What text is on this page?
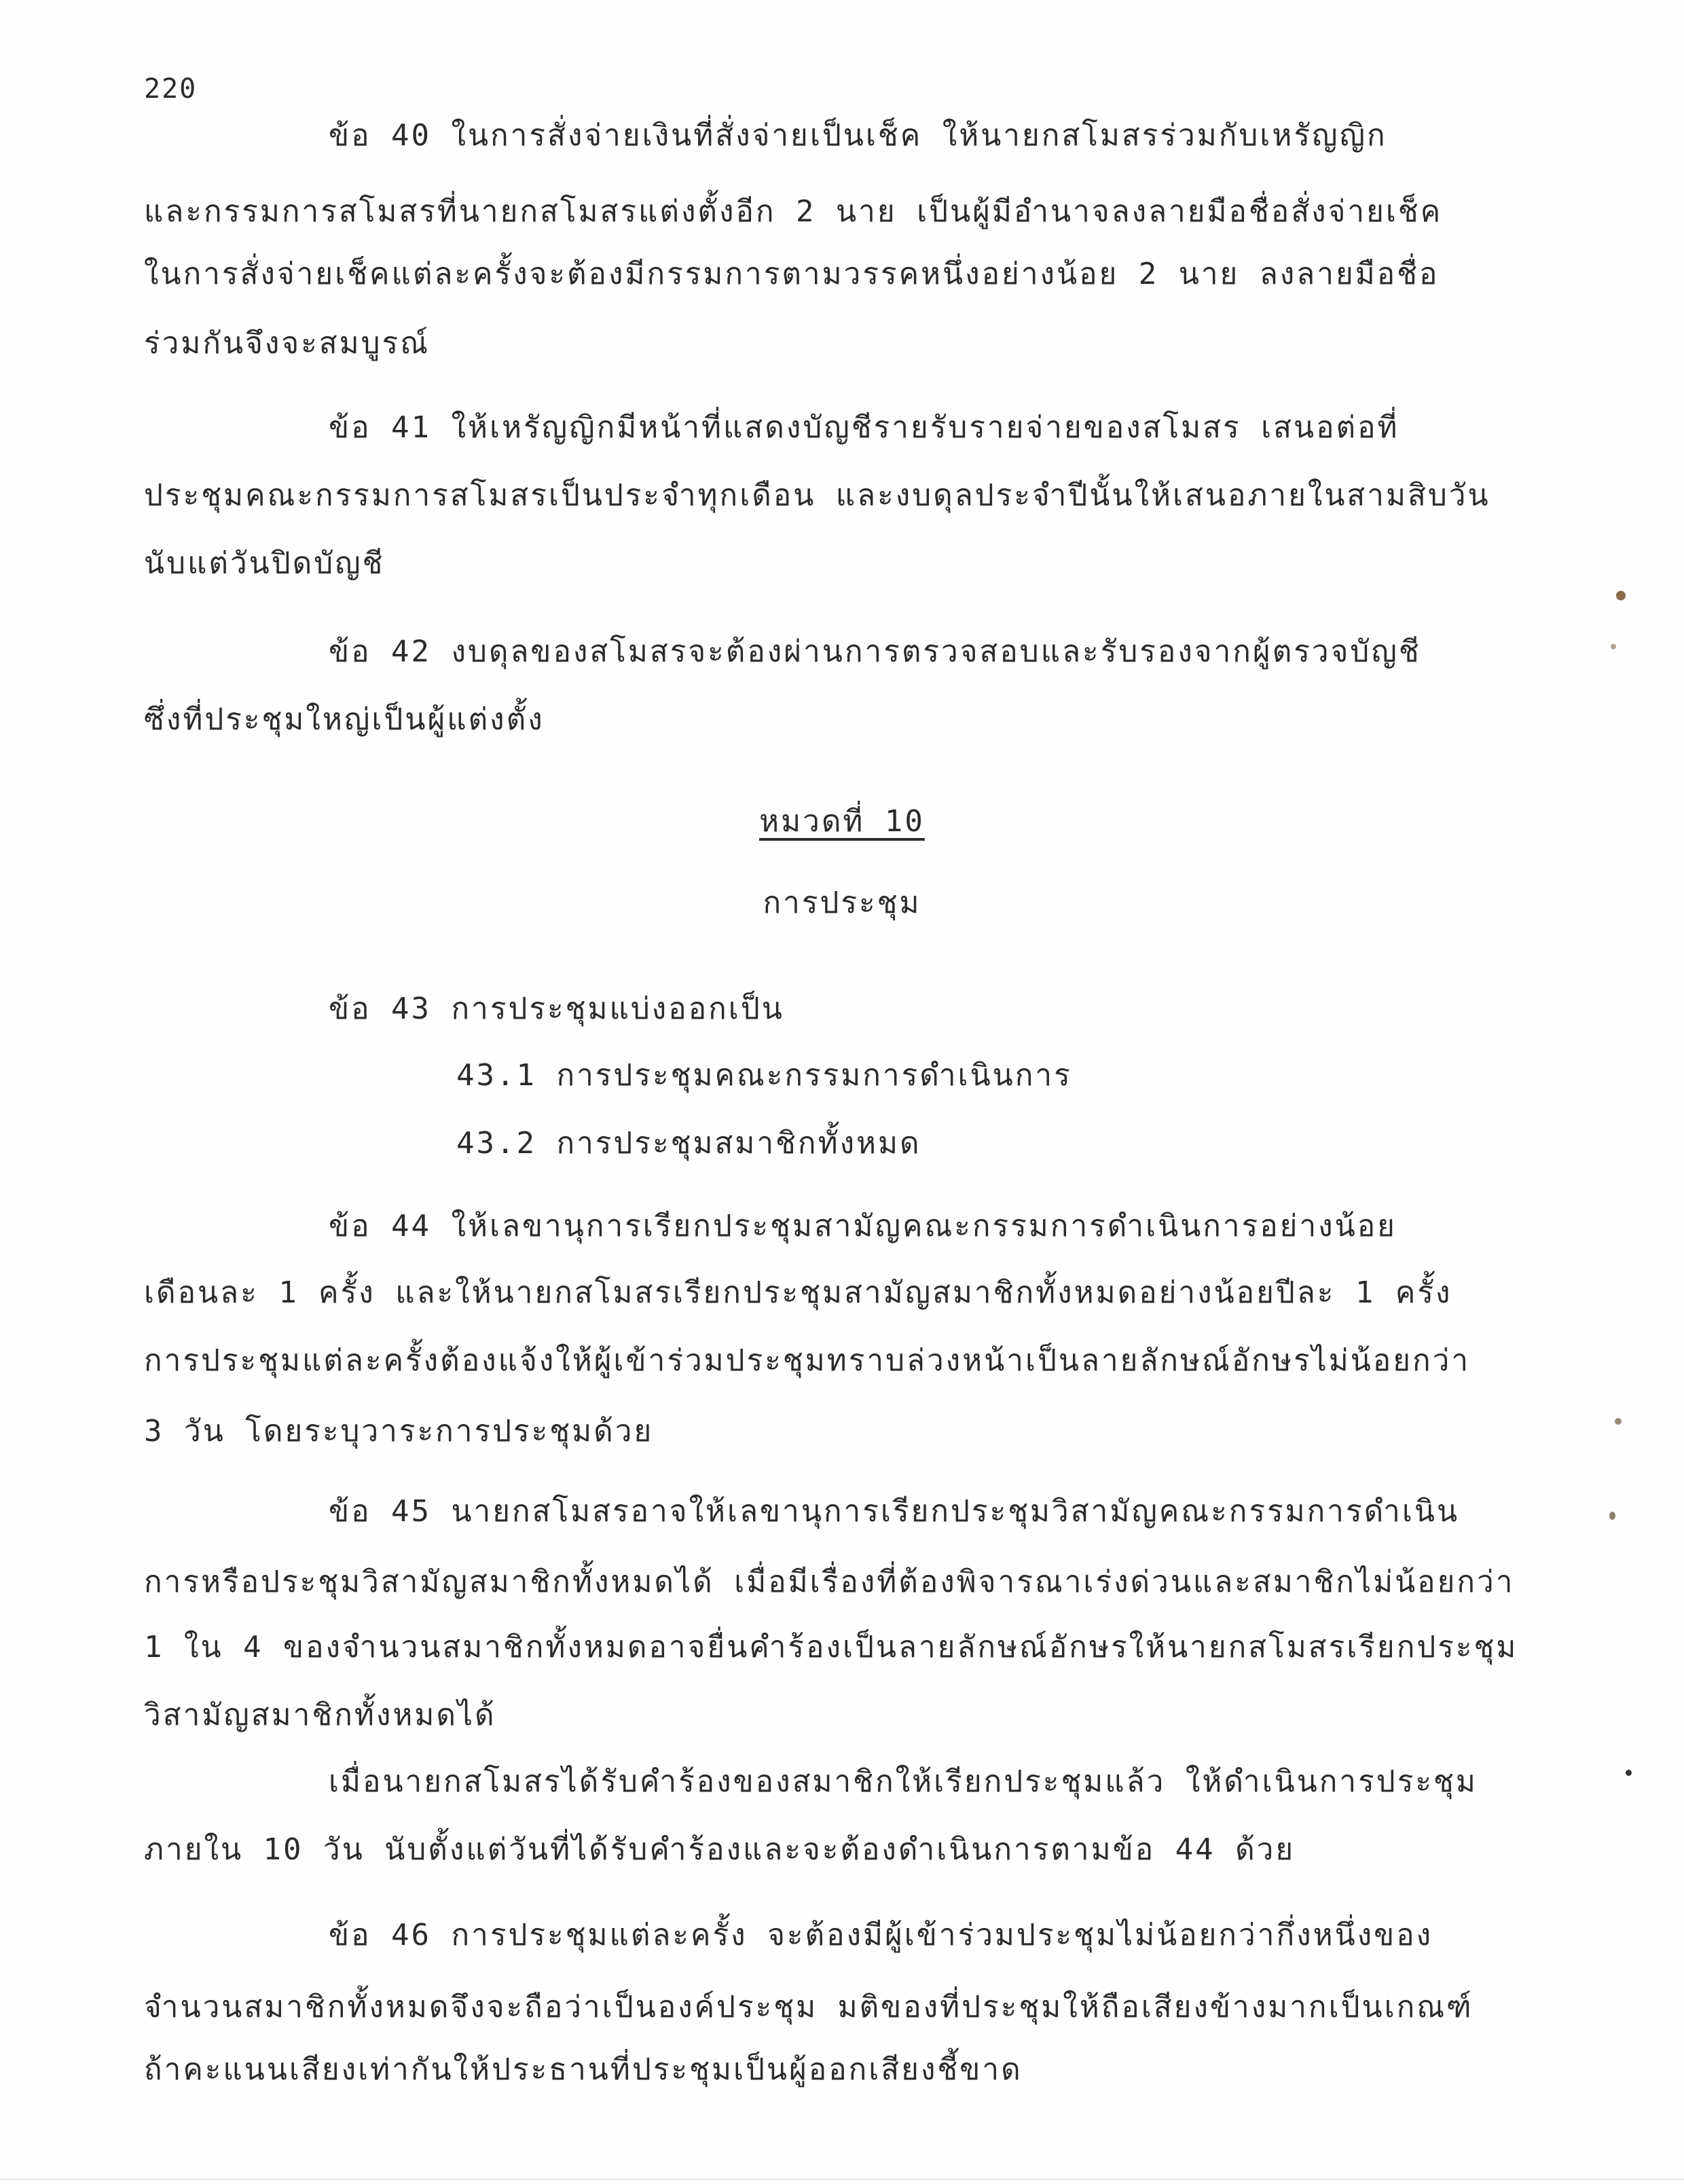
220
ข้อ 40 ในการสั่งจ่ายเงินที่สั่งจ่ายเป็นเช็ค ให้นายกสโมสรร่วมกับเหรัญญิก
และกรรมการสโมสรที่นายกสโมสรแต่งตั้งอีก 2 นาย เป็นผู้มีอำนาจลงลายมือชื่อสั่งจ่ายเช็ค
ในการสั่งจ่ายเช็คแต่ละครั้งจะต้องมีกรรมการตามวรรคหนึ่งอย่างน้อย 2 นาย ลงลายมือชื่อ
ร่วมกันจึงจะสมบูรณ์
ข้อ 41 ให้เหรัญญิกมีหน้าที่แสดงบัญชีรายรับรายจ่ายของสโมสร เสนอต่อที่
ประชุมคณะกรรมการสโมสรเป็นประจำทุกเดือน และงบดุลประจำปีนั้นให้เสนอภายในสามสิบวัน
นับแต่วันปิดบัญชี
ข้อ 42 งบดุลของสโมสรจะต้องผ่านการตรวจสอบและรับรองจากผู้ตรวจบัญชี
ซึ่งที่ประชุมใหญ่เป็นผู้แต่งตั้ง
หมวดที่ 10
การประชุม
ข้อ 43 การประชุมแบ่งออกเป็น
43.1 การประชุมคณะกรรมการดำเนินการ
43.2 การประชุมสมาชิกทั้งหมด
ข้อ 44 ให้เลขานุการเรียกประชุมสามัญคณะกรรมการดำเนินการอย่างน้อย
เดือนละ 1 ครั้ง และให้นายกสโมสรเรียกประชุมสามัญสมาชิกทั้งหมดอย่างน้อยปีละ 1 ครั้ง
การประชุมแต่ละครั้งต้องแจ้งให้ผู้เข้าร่วมประชุมทราบล่วงหน้าเป็นลายลักษณ์อักษรไม่น้อยกว่า
3 วัน โดยระบุวาระการประชุมด้วย
ข้อ 45 นายกสโมสรอาจให้เลขานุการเรียกประชุมวิสามัญคณะกรรมการดำเนิน
การหรือประชุมวิสามัญสมาชิกทั้งหมดได้ เมื่อมีเรื่องที่ต้องพิจารณาเร่งด่วนและสมาชิกไม่น้อยกว่า
1 ใน 4 ของจำนวนสมาชิกทั้งหมดอาจยื่นคำร้องเป็นลายลักษณ์อักษรให้นายกสโมสรเรียกประชุม
วิสามัญสมาชิกทั้งหมดได้
เมื่อนายกสโมสรได้รับคำร้องของสมาชิกให้เรียกประชุมแล้ว ให้ดำเนินการประชุม
ภายใน 10 วัน นับตั้งแต่วันที่ได้รับคำร้องและจะต้องดำเนินการตามข้อ 44 ด้วย
ข้อ 46 การประชุมแต่ละครั้ง จะต้องมีผู้เข้าร่วมประชุมไม่น้อยกว่ากึ่งหนึ่งของ
จำนวนสมาชิกทั้งหมดจึงจะถือว่าเป็นองค์ประชุม มติของที่ประชุมให้ถือเสียงข้างมากเป็นเกณฑ์
ถ้าคะแนนเสียงเท่ากันให้ประธานที่ประชุมเป็นผู้ออกเสียงชี้ขาด
